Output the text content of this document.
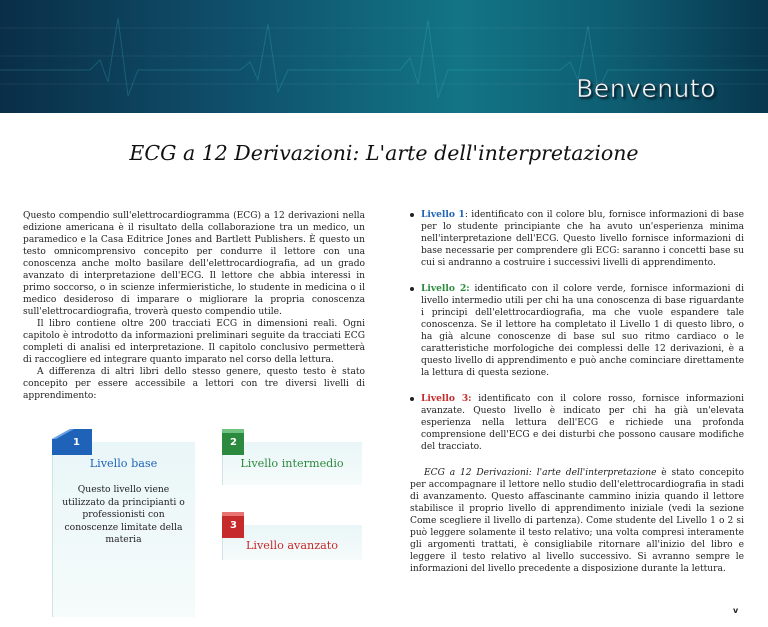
Benvenuto
ECG a 12 Derivazioni: L'arte dell'interpretazione

Questo compendio sull'elettrocardiogramma (ECG) a 12 derivazioni nella edizione americana è il risultato della collaborazione tra un medico, un paramedico e la Casa Editrice Jones and Bartlett Publishers. È questo un testo omnicomprensivo concepito per condurre il lettore con una conoscenza anche molto basilare dell'elettrocardiografia, ad un grado avanzato di interpretazione dell'ECG. Il lettore che abbia interessi in primo soccorso, o in scienze infermieristiche, lo studente in medicina o il medico desideroso di imparare o migliorare la propria conoscenza sull'elettrocardiografia, troverà questo compendio utile.

Il libro contiene oltre 200 tracciati ECG in dimensioni reali. Ogni capitolo è introdotto da informazioni preliminari seguite da tracciati ECG completi di analisi ed interpretazione. Il capitolo conclusivo permetterà di raccogliere ed integrare quanto imparato nel corso della lettura.

A differenza di altri libri dello stesso genere, questo testo è stato concepito per essere accessibile a lettori con tre diversi livelli di apprendimento:

1
Livello base
Questo livello viene utilizzato da principianti o professionisti con conoscenze limitate della materia
2
Livello intermedio
3
Livello avanzato
Livello 1: identificato con il colore blu, fornisce informazioni di base per lo studente principiante che ha avuto un'esperienza minima nell'interpretazione dell'ECG. Questo livello fornisce informazioni di base necessarie per comprendere gli ECG: saranno i concetti base su cui si andranno a costruire i successivi livelli di apprendimento.
Livello 2: identificato con il colore verde, fornisce informazioni di livello intermedio utili per chi ha una conoscenza di base riguardante i principi dell'elettrocardiografia, ma che vuole espandere tale conoscenza. Se il lettore ha completato il Livello 1 di questo libro, o ha già alcune conoscenze di base sul suo ritmo cardiaco o le caratteristiche morfologiche dei complessi delle 12 derivazioni, è a questo livello di apprendimento e può anche cominciare direttamente la lettura di questa sezione.
Livello 3: identificato con il colore rosso, fornisce informazioni avanzate. Questo livello è indicato per chi ha già un'elevata esperienza nella lettura dell'ECG e richiede una profonda comprensione dell'ECG e dei disturbi che possono causare modifiche del tracciato.

ECG a 12 Derivazioni: l'arte dell'interpretazione è stato concepito per accompagnare il lettore nello studio dell'elettrocardiografia in stadi di avanzamento. Questo affascinante cammino inizia quando il lettore stabilisce il proprio livello di apprendimento iniziale (vedi la sezione Come scegliere il livello di partenza). Come studente del Livello 1 o 2 si può leggere solamente il testo relativo; una volta compresi interamente gli argomenti trattati, è consigliabile ritornare all'inizio del libro e leggere il testo relativo al livello successivo. Si avranno sempre le informazioni del livello precedente a disposizione durante la lettura.

v
